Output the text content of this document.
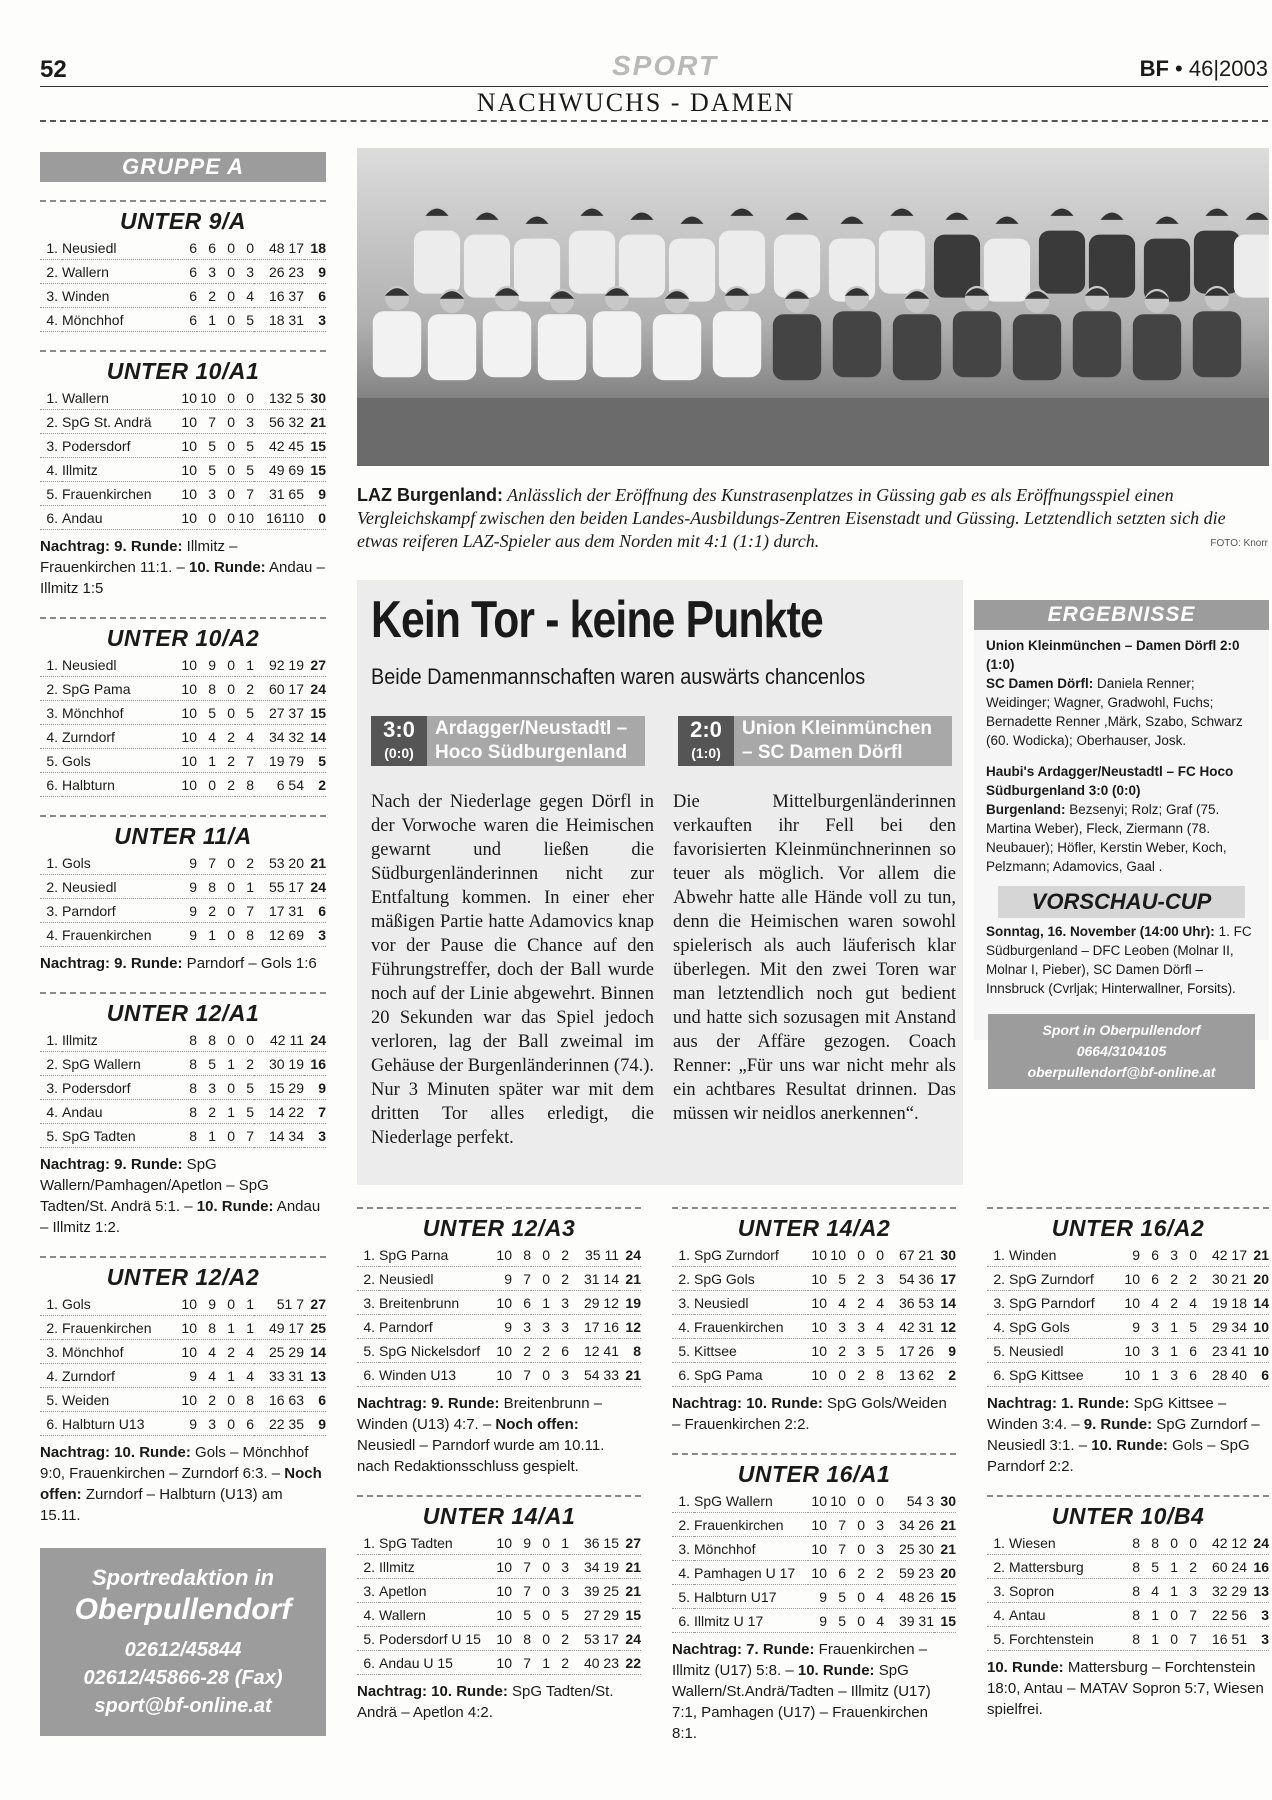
52	SPORT	BF • 46|2003
NACHWUCHS - DAMEN
GRUPPE A
UNTER 9/A
1.	Neusiedl	6	6	0	0	48 17	18
2.	Wallern	6	3	0	3	26 23	9
3.	Winden	6	2	0	4	16 37	6
4.	Mönchhof	6	1	0	5	18 31	3
UNTER 10/A1
1.	Wallern	10	10	0	0	132 5	30
2.	SpG St. Andrä	10	7	0	3	56 32	21
3.	Podersdorf	10	5	0	5	42 45	15
4.	Illmitz	10	5	0	5	49 69	15
5.	Frauenkirchen	10	3	0	7	31 65	9
6.	Andau	10	0	0	10	16110	0
Nachtrag: 9. Runde: Illmitz – Frauenkirchen 11:1. – 10. Runde: Andau – Illmitz 1:5
UNTER 10/A2
1.	Neusiedl	10	9	0	1	92 19	27
2.	SpG Pama	10	8	0	2	60 17	24
3.	Mönchhof	10	5	0	5	27 37	15
4.	Zurndorf	10	4	2	4	34 32	14
5.	Gols	10	1	2	7	19 79	5
6.	Halbturn	10	0	2	8	6 54	2
UNTER 11/A
1.	Gols	9	7	0	2	53 20	21
2.	Neusiedl	9	8	0	1	55 17	24
3.	Parndorf	9	2	0	7	17 31	6
4.	Frauenkirchen	9	1	0	8	12 69	3
Nachtrag: 9. Runde: Parndorf – Gols 1:6
UNTER 12/A1
1.	Illmitz	8	8	0	0	42 11	24
2.	SpG Wallern	8	5	1	2	30 19	16
3.	Podersdorf	8	3	0	5	15 29	9
4.	Andau	8	2	1	5	14 22	7
5.	SpG Tadten	8	1	0	7	14 34	3
Nachtrag: 9. Runde: SpG Wallern/Pamhagen/Apetlon – SpG Tadten/St. Andrä 5:1. – 10. Runde: Andau – Illmitz 1:2.
UNTER 12/A2
1.	Gols	10	9	0	1	51 7	27
2.	Frauenkirchen	10	8	1	1	49 17	25
3.	Mönchhof	10	4	2	4	25 29	14
4.	Zurndorf	9	4	1	4	33 31	13
5.	Weiden	10	2	0	8	16 63	6
6.	Halbturn U13	9	3	0	6	22 35	9
Nachtrag: 10. Runde: Gols – Mönchhof 9:0, Frauenkirchen – Zurndorf 6:3. – Noch offen: Zurndorf – Halbturn (U13) am 15.11.
LAZ Burgenland: Anlässlich der Eröffnung des Kunstrasenplatzes in Güssing gab es als Eröffnungsspiel einen Vergleichskampf zwischen den beiden Landes-Ausbildungs-Zentren Eisenstadt und Güssing. Letztendlich setzten sich die etwas reiferen LAZ-Spieler aus dem Norden mit 4:1 (1:1) durch.	FOTO: Knorr
Kein Tor - keine Punkte
Beide Damenmannschaften waren auswärts chancenlos
3:0
(0:0)
Ardagger/Neustadtl – Hoco Südburgenland
2:0
(1:0)
Union Kleinmünchen – SC Damen Dörfl
Nach der Niederlage gegen Dörfl in der Vorwoche waren die Heimischen gewarnt und ließen die Südburgenländerinnen nicht zur Entfaltung kommen. In einer eher mäßigen Partie hatte Adamovics knap vor der Pause die Chance auf den Führungstreffer, doch der Ball wurde noch auf der Linie abgewehrt. Binnen 20 Sekunden war das Spiel jedoch verloren, lag der Ball zweimal im Gehäuse der Burgenländerinnen (74.). Nur 3 Minuten später war mit dem dritten Tor alles erledigt, die Niederlage perfekt.
Die Mittelburgenländerinnen verkauften ihr Fell bei den favorisierten Kleinmünchnerinnen so teuer als möglich. Vor allem die Abwehr hatte alle Hände voll zu tun, denn die Heimischen waren sowohl spielerisch als auch läuferisch klar überlegen. Mit den zwei Toren war man letztendlich noch gut bedient und hatte sich sozusagen mit Anstand aus der Affäre gezogen. Coach Renner: „Für uns war nicht mehr als ein achtbares Resultat drinnen. Das müssen wir neidlos anerkennen“.
ERGEBNISSE
Union Kleinmünchen – Damen Dörfl 2:0 (1:0)
SC Damen Dörfl: Daniela Renner; Weidinger; Wagner, Gradwohl, Fuchs; Bernadette Renner ,Märk, Szabo, Schwarz (60. Wodicka); Oberhauser, Josk.
Haubi's Ardagger/Neustadtl – FC Hoco Südburgenland 3:0 (0:0)
Burgenland: Bezsenyi; Rolz; Graf (75. Martina Weber), Fleck, Ziermann (78. Neubauer); Höfler, Kerstin Weber, Koch, Pelzmann; Adamovics, Gaal .
VORSCHAU-CUP
Sonntag, 16. November (14:00 Uhr): 1. FC Südburgenland – DFC Leoben (Molnar II, Molnar I, Pieber), SC Damen Dörfl – Innsbruck (Cvrljak; Hinterwallner, Forsits).
Sport in Oberpullendorf
0664/3104105
oberpullendorf@bf-online.at
UNTER 12/A3
1.	SpG Parna	10	8	0	2	35 11	24
2.	Neusiedl	9	7	0	2	31 14	21
3.	Breitenbrunn	10	6	1	3	29 12	19
4.	Parndorf	9	3	3	3	17 16	12
5.	SpG Nickelsdorf	10	2	2	6	12 41	8
6.	Winden U13	10	7	0	3	54 33	21
Nachtrag: 9. Runde: Breitenbrunn – Winden (U13) 4:7. – Noch offen: Neusiedl – Parndorf wurde am 10.11. nach Redaktionsschluss gespielt.
UNTER 14/A1
1.	SpG Tadten	10	9	0	1	36 15	27
2.	Illmitz	10	7	0	3	34 19	21
3.	Apetlon	10	7	0	3	39 25	21
4.	Wallern	10	5	0	5	27 29	15
5.	Podersdorf U 15	10	8	0	2	53 17	24
6.	Andau U 15	10	7	1	2	40 23	22
Nachtrag: 10. Runde: SpG Tadten/St. Andrä – Apetlon 4:2.
UNTER 14/A2
1.	SpG Zurndorf	10	10	0	0	67 21	30
2.	SpG Gols	10	5	2	3	54 36	17
3.	Neusiedl	10	4	2	4	36 53	14
4.	Frauenkirchen	10	3	3	4	42 31	12
5.	Kittsee	10	2	3	5	17 26	9
6.	SpG Pama	10	0	2	8	13 62	2
Nachtrag: 10. Runde: SpG Gols/Weiden – Frauenkirchen 2:2.
UNTER 16/A1
1.	SpG Wallern	10	10	0	0	54 3	30
2.	Frauenkirchen	10	7	0	3	34 26	21
3.	Mönchhof	10	7	0	3	25 30	21
4.	Pamhagen U 17	10	6	2	2	59 23	20
5.	Halbturn U17	9	5	0	4	48 26	15
6.	Illmitz U 17	9	5	0	4	39 31	15
Nachtrag: 7. Runde: Frauenkirchen – Illmitz (U17) 5:8. – 10. Runde: SpG Wallern/St.Andrä/Tadten – Illmitz (U17) 7:1, Pamhagen (U17) – Frauenkirchen 8:1.
UNTER 16/A2
1.	Winden	9	6	3	0	42 17	21
2.	SpG Zurndorf	10	6	2	2	30 21	20
3.	SpG Parndorf	10	4	2	4	19 18	14
4.	SpG Gols	9	3	1	5	29 34	10
5.	Neusiedl	10	3	1	6	23 41	10
6.	SpG Kittsee	10	1	3	6	28 40	6
Nachtrag: 1. Runde: SpG Kittsee – Winden 3:4. – 9. Runde: SpG Zurndorf – Neusiedl 3:1. – 10. Runde: Gols – SpG Parndorf 2:2.
UNTER 10/B4
1.	Wiesen	8	8	0	0	42 12	24
2.	Mattersburg	8	5	1	2	60 24	16
3.	Sopron	8	4	1	3	32 29	13
4.	Antau	8	1	0	7	22 56	3
5.	Forchtenstein	8	1	0	7	16 51	3
10. Runde: Mattersburg – Forchtenstein 18:0, Antau – MATAV Sopron 5:7, Wiesen spielfrei.
Sportredaktion in
Oberpullendorf
02612/45844
02612/45866-28 (Fax)
sport@bf-online.at
